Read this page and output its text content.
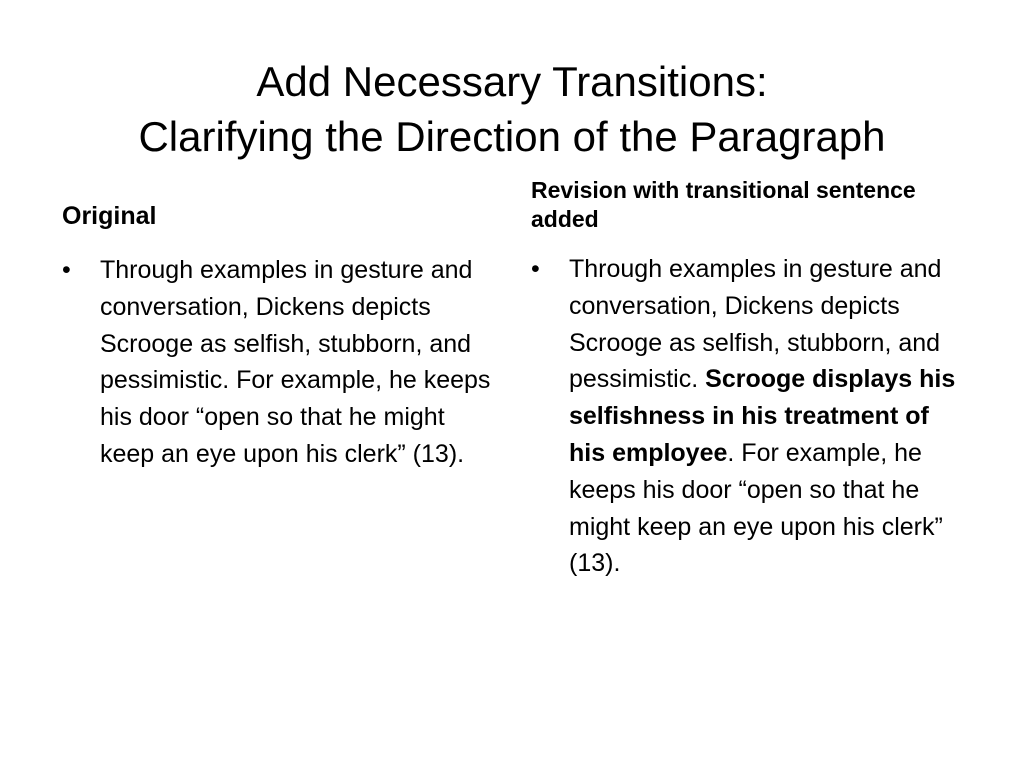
Add Necessary Transitions:
Clarifying the Direction of the Paragraph

Original

• Through examples in gesture and conversation, Dickens depicts Scrooge as selfish, stubborn, and pessimistic. For example, he keeps his door “open so that he might keep an eye upon his clerk” (13).

Revision with transitional sentence added

• Through examples in gesture and conversation, Dickens depicts Scrooge as selfish, stubborn, and pessimistic. Scrooge displays his selfishness in his treatment of his employee. For example, he keeps his door “open so that he might keep an eye upon his clerk” (13).
